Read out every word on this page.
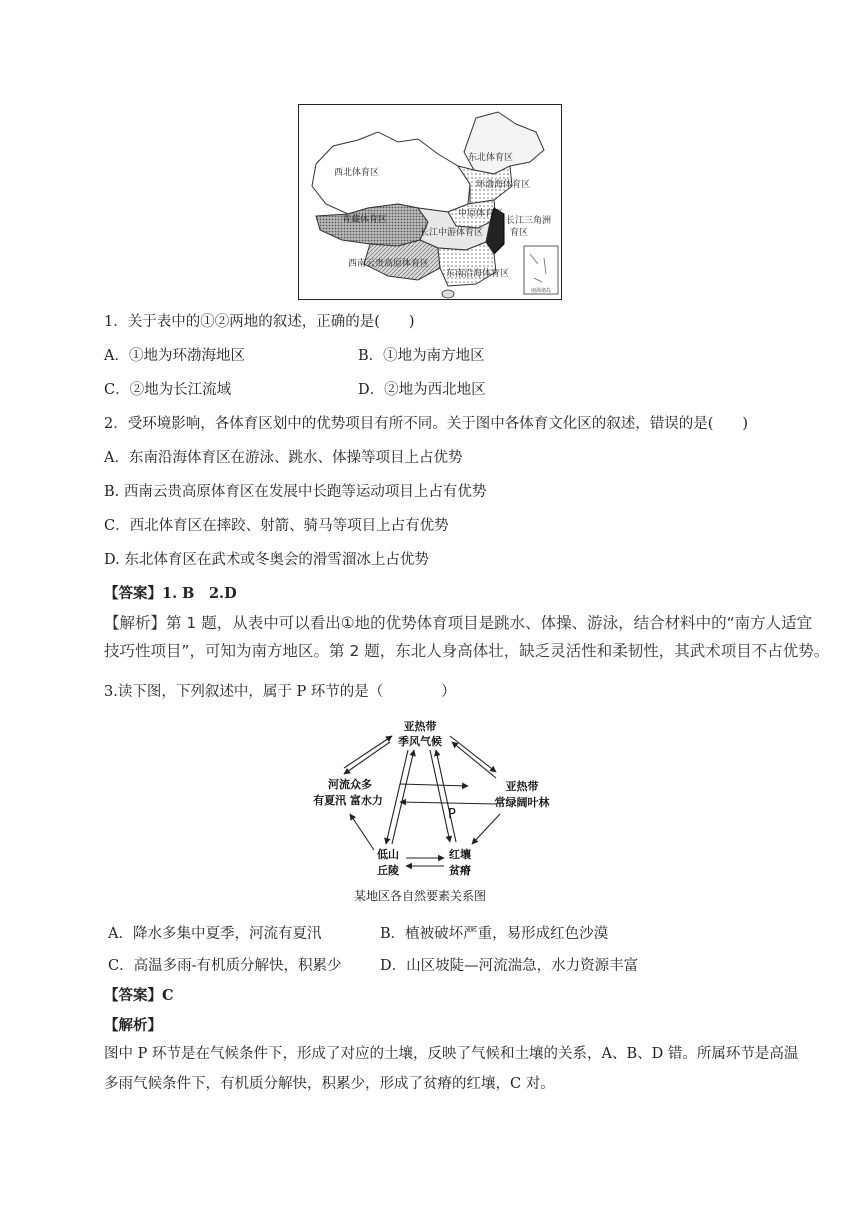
南海诸岛
西北体育区
东北体育区
环渤海体育区
青藏体育区
中原体育区
长江三角洲
育区
长江中游体育区
西南云贵高原体育区
东南沿海体育区
1．关于表中的①②两地的叙述，正确的是(　　)
A．①地为环渤海地区	B．①地为南方地区
C．②地为长江流域	D．②地为西北地区
2．受环境影响，各体育区划中的优势项目有所不同。关于图中各体育文化区的叙述，错误的是(　　)
A．东南沿海体育区在游泳、跳水、体操等项目上占优势
B. 西南云贵高原体育区在发展中长跑等运动项目上占有优势
C．西北体育区在摔跤、射箭、骑马等项目上占有优势
D. 东北体育区在武术或冬奥会的滑雪溜冰上占优势
【答案】1. B　2.D
【解析】第 1 题，从表中可以看出①地的优势体育项目是跳水、体操、游泳，结合材料中的“南方人适宜
技巧性项目”，可知为南方地区。第 2 题，东北人身高体壮，缺乏灵活性和柔韧性，其武术项目不占优势。
3.读下图，下列叙述中，属于 P 环节的是（　　　　）
亚热带
季风气候
河流众多
有夏汛 富水力
亚热带
常绿阔叶林
低山
丘陵
红壤
贫瘠
P
某地区各自然要素关系图
A．降水多集中夏季，河流有夏汛	B．植被破坏严重，易形成红色沙漠
C．高温多雨-有机质分解快，积累少	D．山区坡陡—河流湍急，水力资源丰富
【答案】C
【解析】
图中 P 环节是在气候条件下，形成了对应的土壤，反映了气候和土壤的关系，A、B、D 错。所属环节是高温
多雨气候条件下，有机质分解快，积累少，形成了贫瘠的红壤，C 对。
